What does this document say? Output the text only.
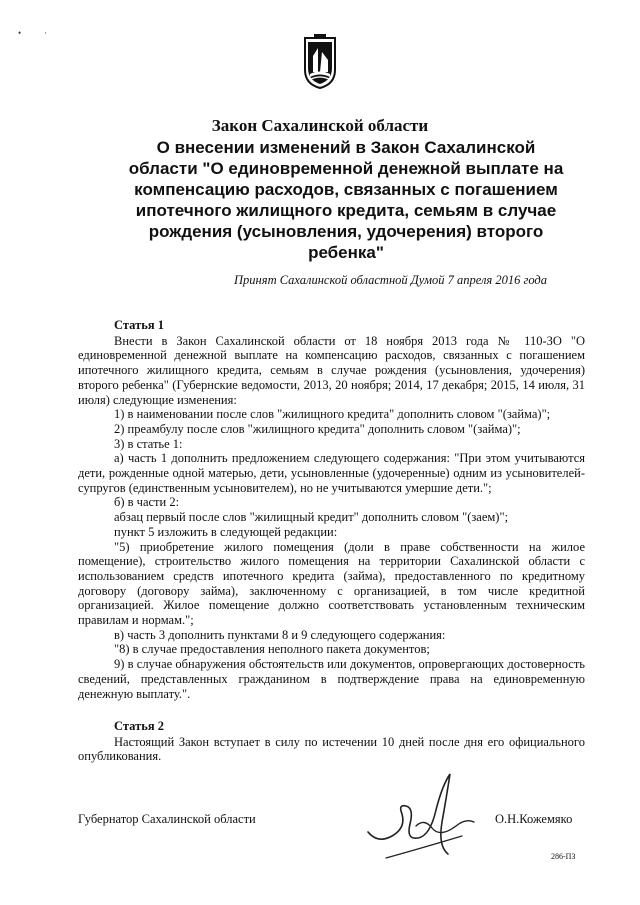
•	·
Закон Сахалинской области
О внесении изменений в Закон Сахалинской
области "О единовременной денежной выплате на
компенсацию расходов, связанных с погашением
ипотечного жилищного кредита, семьям в случае
рождения (усыновления, удочерения) второго
ребенка"
Принят Сахалинской областной Думой 7 апреля 2016 года
Статья 1

Внести в Закон Сахалинской области от 18 ноября 2013 года № 110-ЗО "О единовременной денежной выплате на компенсацию расходов, связанных с погашением ипотечного жилищного кредита, семьям в случае рождения (усыновления, удочерения) второго ребенка" (Губернские ведомости, 2013, 20 ноября; 2014, 17 декабря; 2015, 14 июля, 31 июля) следующие изменения:

1) в наименовании после слов "жилищного кредита" дополнить словом "(займа)";

2) преамбулу после слов "жилищного кредита" дополнить словом "(займа)";

3) в статье 1:

а) часть 1 дополнить предложением следующего содержания: "При этом учитываются дети, рожденные одной матерью, дети, усыновленные (удочеренные) одним из усыновителей-супругов (единственным усыновителем), но не учитываются умершие дети.";

б) в части 2:

абзац первый после слов "жилищный кредит" дополнить словом "(заем)";

пункт 5 изложить в следующей редакции:

"5) приобретение жилого помещения (доли в праве собственности на жилое помещение), строительство жилого помещения на территории Сахалинской области с использованием средств ипотечного кредита (займа), предоставленного по кредитному договору (договору займа), заключенному с организацией, в том числе кредитной организацией. Жилое помещение должно соответствовать установленным техническим правилам и нормам.";

в) часть 3 дополнить пунктами 8 и 9 следующего содержания:

"8) в случае предоставления неполного пакета документов;

9) в случае обнаружения обстоятельств или документов, опровергающих достоверность сведений, представленных гражданином в подтверждение права на единовременную денежную выплату.".

Статья 2

Настоящий Закон вступает в силу по истечении 10 дней после дня его официального опубликования.

Губернатор Сахалинской области	О.Н.Кожемяко
286-ПЗ
